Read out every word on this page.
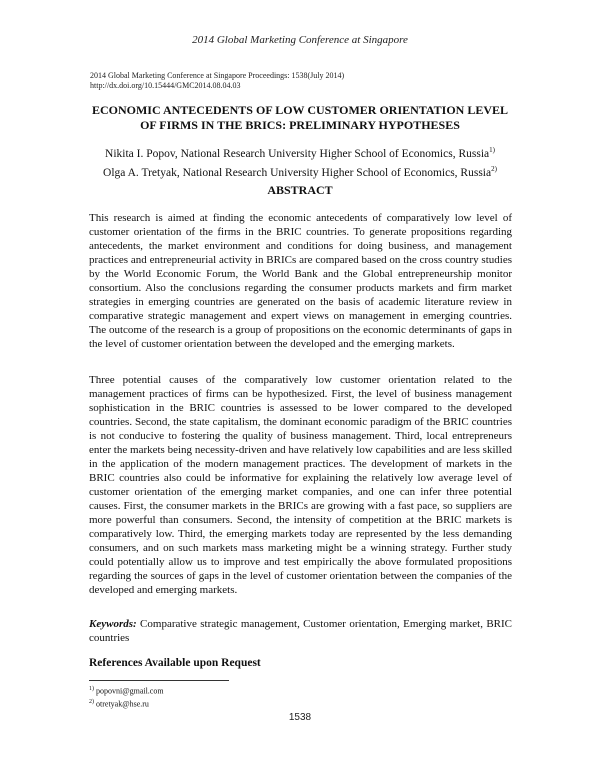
2014 Global Marketing Conference at Singapore
2014 Global Marketing Conference at Singapore Proceedings: 1538(July 2014)
http://dx.doi.org/10.15444/GMC2014.08.04.03
ECONOMIC ANTECEDENTS OF LOW CUSTOMER ORIENTATION LEVEL
OF FIRMS IN THE BRICS: PRELIMINARY HYPOTHESES
Nikita I. Popov, National Research University Higher School of Economics, Russia$^{1)}$
Olga A. Tretyak, National Research University Higher School of Economics, Russia$^{2)}$
ABSTRACT
This research is aimed at finding the economic antecedents of comparatively low level of customer orientation of the firms in the BRIC countries. To generate propositions regarding antecedents, the market environment and conditions for doing business, and management practices and entrepreneurial activity in BRICs are compared based on the cross country studies by the World Economic Forum, the World Bank and the Global entrepreneurship monitor consortium. Also the conclusions regarding the consumer products markets and firm market strategies in emerging countries are generated on the basis of academic literature review in comparative strategic management and expert views on management in emerging countries. The outcome of the research is a group of propositions on the economic determinants of gaps in the level of customer orientation between the developed and the emerging markets.
Three potential causes of the comparatively low customer orientation related to the management practices of firms can be hypothesized. First, the level of business management sophistication in the BRIC countries is assessed to be lower compared to the developed countries. Second, the state capitalism, the dominant economic paradigm of the BRIC countries is not conducive to fostering the quality of business management. Third, local entrepreneurs enter the markets being necessity-driven and have relatively low capabilities and are less skilled in the application of the modern management practices. The development of markets in the BRIC countries also could be informative for explaining the relatively low average level of customer orientation of the emerging market companies, and one can infer three potential causes. First, the consumer markets in the BRICs are growing with a fast pace, so suppliers are more powerful than consumers. Second, the intensity of competition at the BRIC markets is comparatively low. Third, the emerging markets today are represented by the less demanding consumers, and on such markets mass marketing might be a winning strategy. Further study could potentially allow us to improve and test empirically the above formulated propositions regarding the sources of gaps in the level of customer orientation between the companies of the developed and emerging markets.
Keywords: Comparative strategic management, Customer orientation, Emerging market, BRIC countries
References Available upon Request
$^{1)}$ popovni@gmail.com
$^{2)}$ otretyak@hse.ru
1538
